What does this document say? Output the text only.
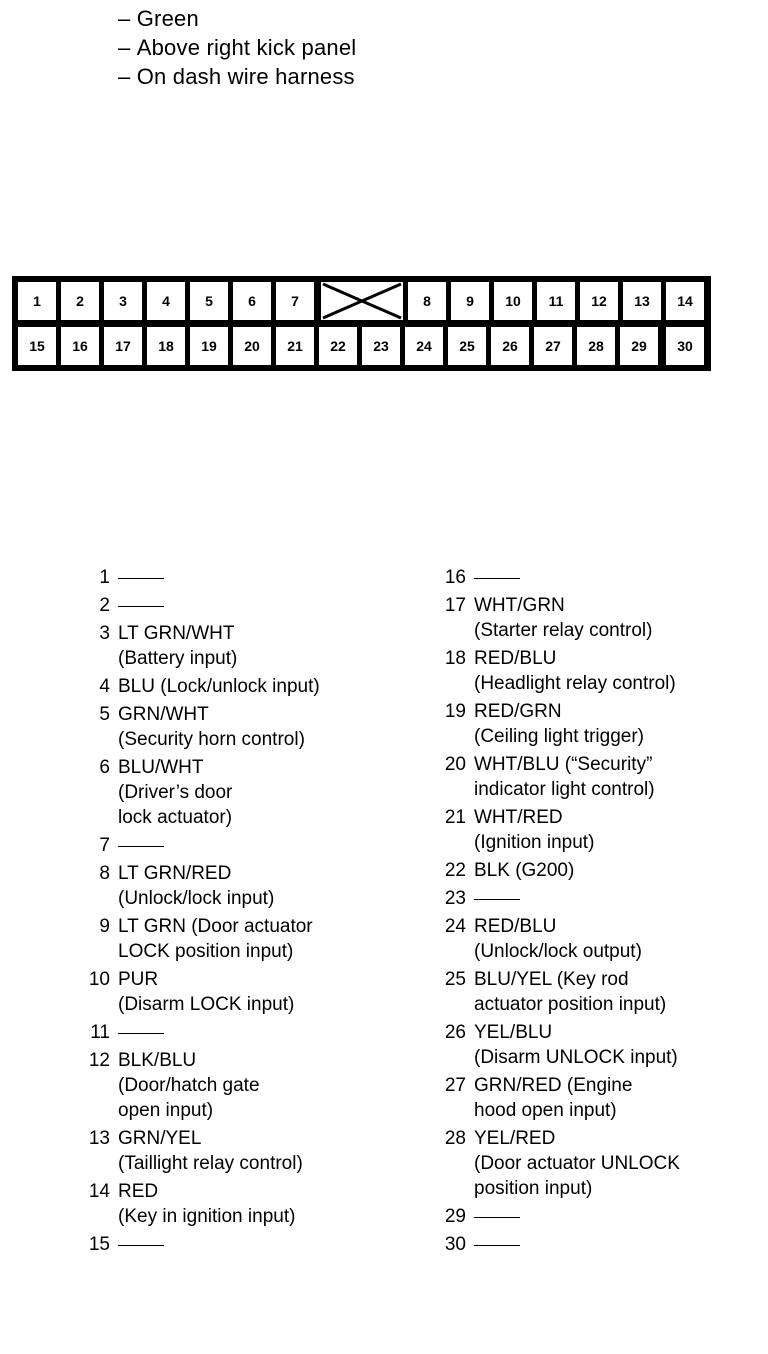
– Green
– Above right kick panel
– On dash wire harness
1	2	3	4	5	6	7	8	9	10	11	12	13	14
15	16	17	18	19	20	21	22	23	24	25	26	27	28	29	30
1
2
3 LT GRN/WHT
(Battery input)
4 BLU (Lock/unlock input)
5 GRN/WHT
(Security horn control)
6 BLU/WHT
(Driver’s door
lock actuator)
7
8 LT GRN/RED
(Unlock/lock input)
9 LT GRN (Door actuator
LOCK position input)
10 PUR
(Disarm LOCK input)
11
12 BLK/BLU
(Door/hatch gate
open input)
13 GRN/YEL
(Taillight relay control)
14 RED
(Key in ignition input)
15
16
17 WHT/GRN
(Starter relay control)
18 RED/BLU
(Headlight relay control)
19 RED/GRN
(Ceiling light trigger)
20 WHT/BLU (“Security”
indicator light control)
21 WHT/RED
(Ignition input)
22 BLK (G200)
23
24 RED/BLU
(Unlock/lock output)
25 BLU/YEL (Key rod
actuator position input)
26 YEL/BLU
(Disarm UNLOCK input)
27 GRN/RED (Engine
hood open input)
28 YEL/RED
(Door actuator UNLOCK
position input)
29
30
